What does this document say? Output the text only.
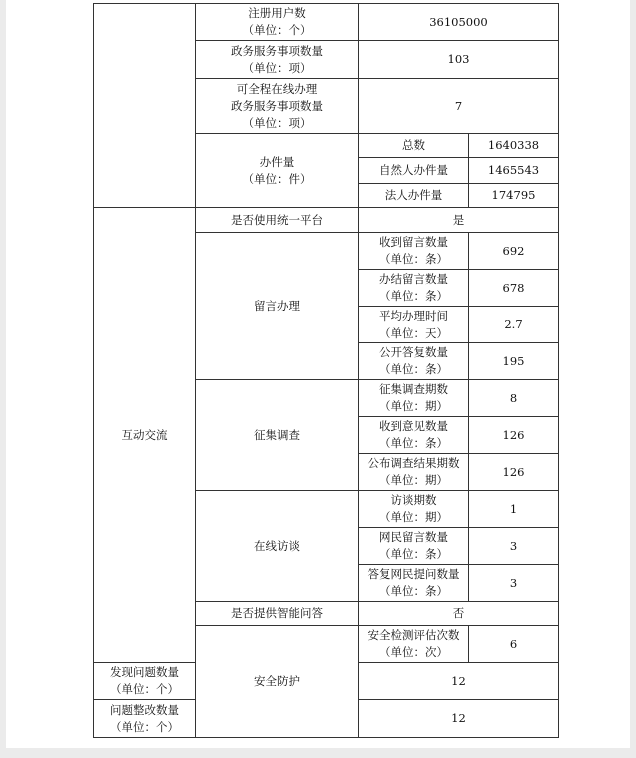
	注册用户数
（单位：个）	36105000	

	政务服务事项数量
（单位：项）	103	

	可全程在线办理
政务服务事项数量
（单位：项）	7	

	办件量
（单位：件）	总数	1640338
		自然人办件量	1465543
		法人办件量	174795
互动交流	是否使用统一平台	是	
	留言办理	收到留言数量
（单位：条）	692

		办结留言数量
（单位：条）	678

		平均办理时间
（单位：天）	2.7

		公开答复数量
（单位：条）	195
	征集调查	征集调查期数
（单位：期）	8

		收到意见数量
（单位：条）	126

		公布调查结果期数
（单位：期）	126
	在线访谈	访谈期数
（单位：期）	1

		网民留言数量
（单位：条）	3

		答复网民提问数量
（单位：条）	3
	是否提供智能问答	否	
	安全防护	安全检测评估次数
（单位：次）	6

发现问题数量
（单位：个）		12	

问题整改数量
（单位：个）		12	
